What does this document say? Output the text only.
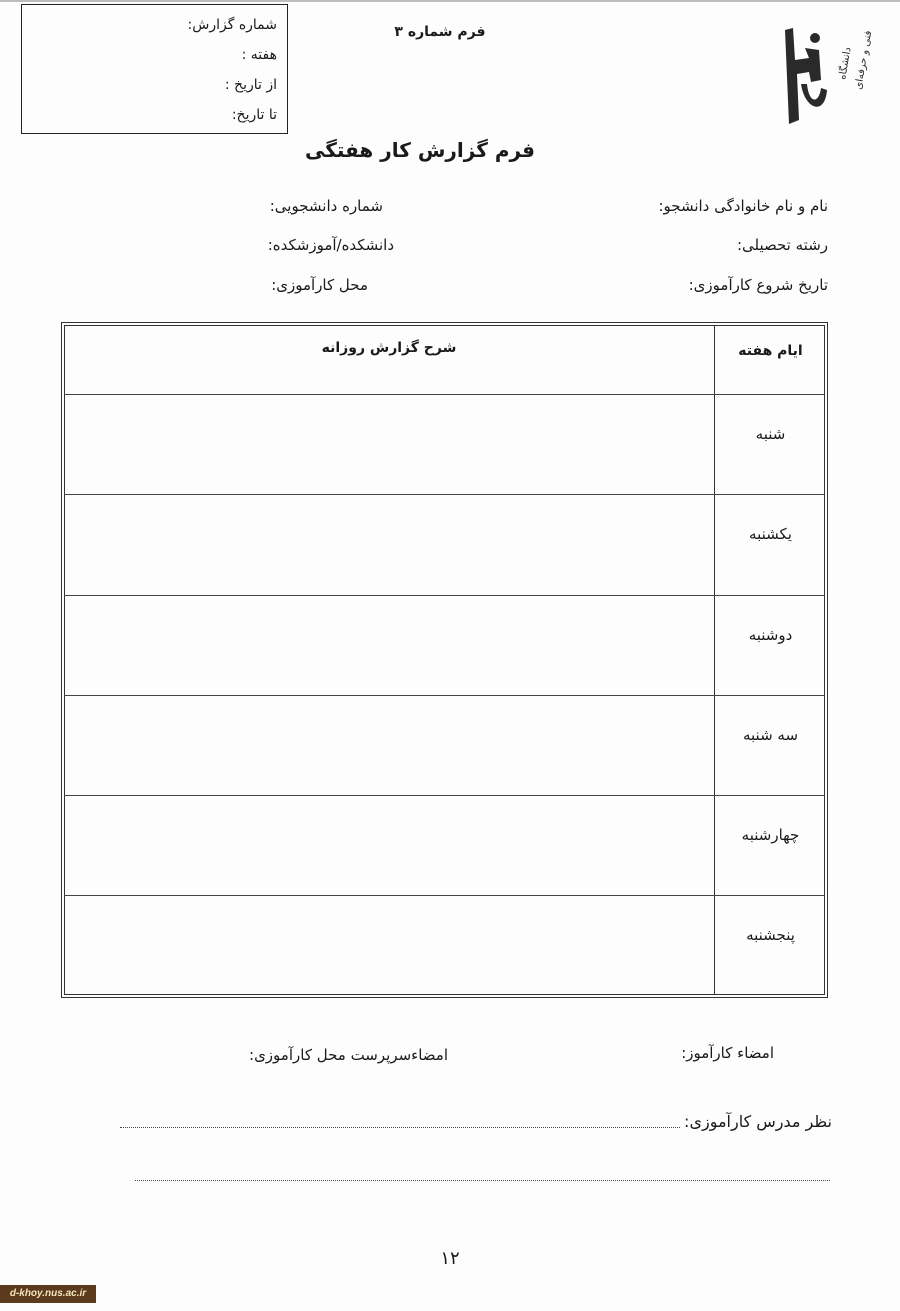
شماره گزارش:
هفته :
از تاریخ :
تا تاریخ:
فرم شماره ۳
دانشگاه فنی و حرفه‌ای
فرم گزارش کار هفتگی
نام و نام خانوادگی دانشجو:
شماره دانشجویی:
رشته تحصیلی:
دانشکده/آموزشکده:
تاریخ شروع کارآموزی:
محل کارآموزی:
ایام هفته
شرح گزارش روزانه
شنبه
یکشنبه
دوشنبه
سه شنبه
چهارشنبه
پنجشنبه
امضاء کارآموز:
امضاءسرپرست محل کارآموزی:
نظر مدرس کارآموزی:
۱۲
d-khoy.nus.ac.ir
